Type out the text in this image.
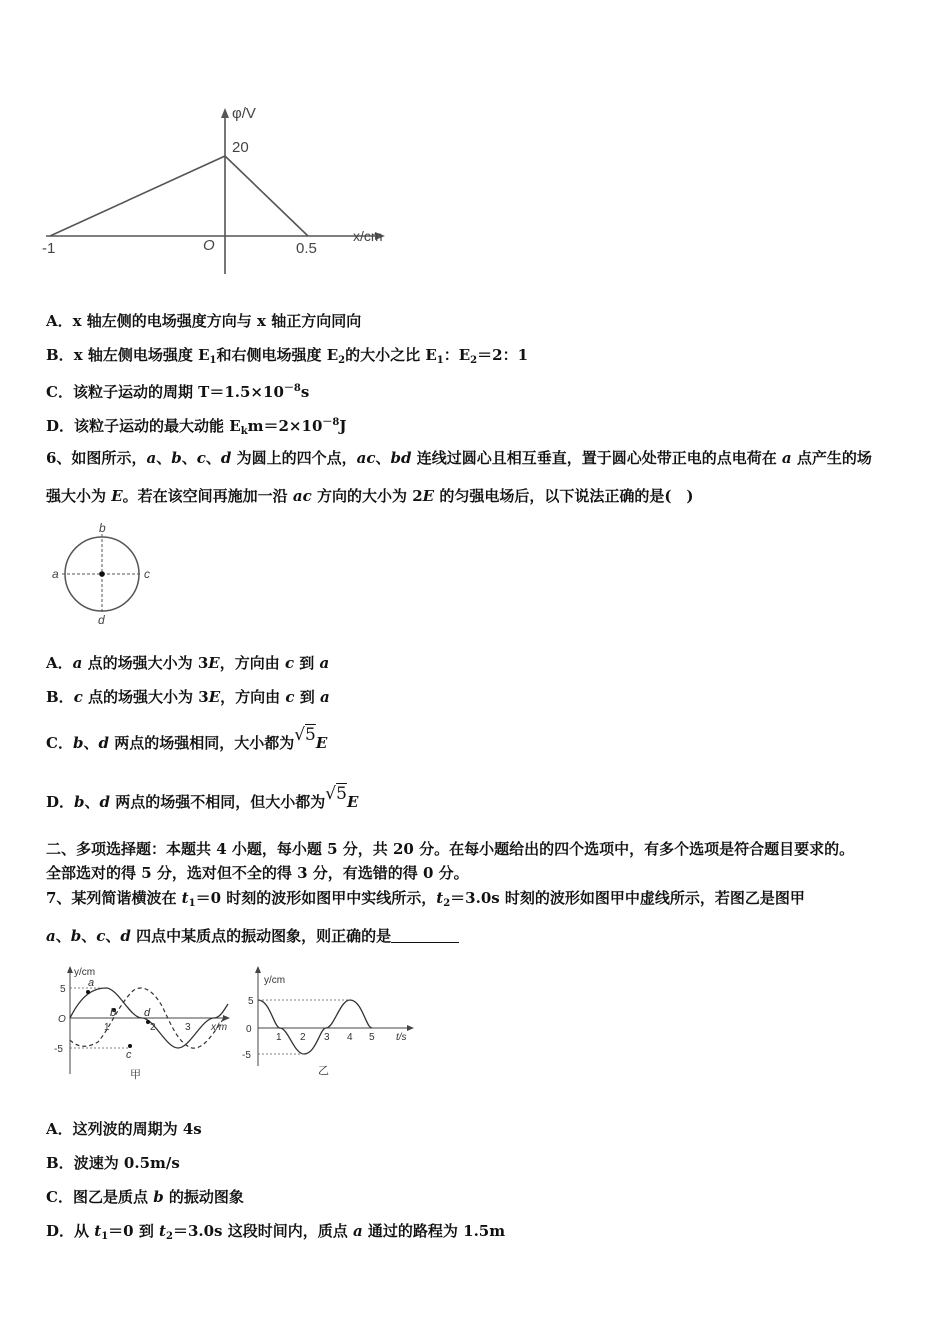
φ/V
20
O
-1	0.5
x/cm
A．x 轴左侧的电场强度方向与 x 轴正方向同向
B．x 轴左侧电场强度 $E_1$和右侧电场强度 $E_2$的大小之比 $E_1$：$E_2=2$：1
C．该粒子运动的周期 $T=1.5\times 10^{-8}s$
D．该粒子运动的最大动能 $E_km=2\times 10^{-8}J$
6、如图所示，a、b、c、d 为圆上的四个点，ac、bd 连线过圆心且相互垂直，置于圆心处带正电的点电荷在 a 点产生的场
强大小为 E。若在该空间再施加一沿 ac 方向的大小为 2E 的匀强电场后，以下说法正确的是(　)
a	c
b
d
A．a 点的场强大小为 3E，方向由 c 到 a
B．c 点的场强大小为 3E，方向由 c 到 a
C．b、d 两点的场强相同，大小都为√5E
D．b、d 两点的场强不相同，但大小都为√5E
二、多项选择题：本题共 4 小题，每小题 5 分，共 20 分。在每小题给出的四个选项中，有多个选项是符合题目要求的。
全部选对的得 5 分，选对但不全的得 3 分，有选错的得 0 分。
7、某列简谐横波在 $t_1=0$ 时刻的波形如图甲中实线所示，$t_2=3.0s$ 时刻的波形如图甲中虚线所示，若图乙是图甲
a、b、c、d 四点中某质点的振动图象，则正确的是
a
b
c
d
y/cm
5
-5
O
1	2	3 x/m
甲
y/cm
5
-5
0
1 2 3 4 5 t/s
乙
A．这列波的周期为 4s
B．波速为 0.5m/s
C．图乙是质点 b 的振动图象
D．从 $t_1=0$ 到 $t_2=3.0s$ 这段时间内，质点 a 通过的路程为 1.5m
